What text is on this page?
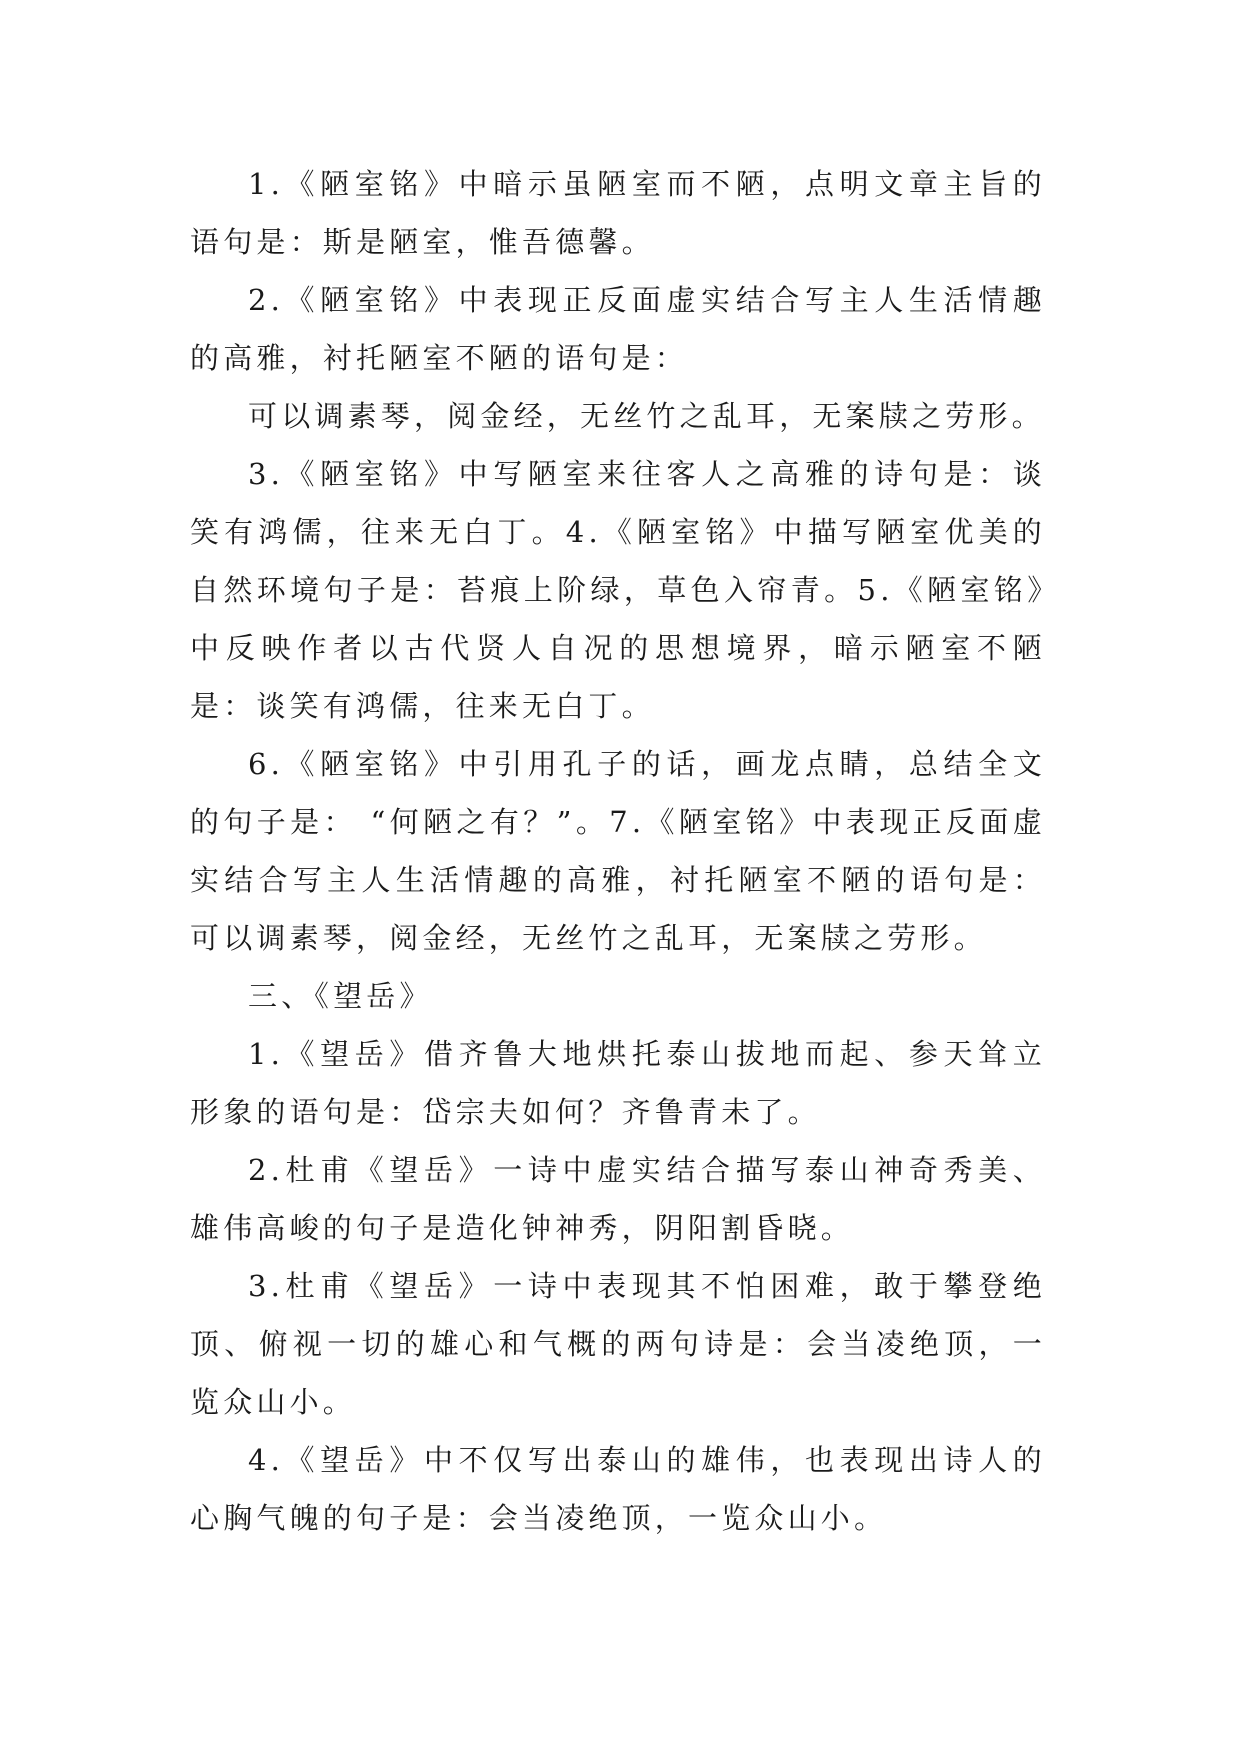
1.《陋室铭》中暗示虽陋室而不陋，点明文章主旨的语句是：斯是陋室，惟吾德馨。

2.《陋室铭》中表现正反面虚实结合写主人生活情趣的高雅，衬托陋室不陋的语句是：

可以调素琴，阅金经，无丝竹之乱耳，无案牍之劳形。

3.《陋室铭》中写陋室来往客人之高雅的诗句是：谈笑有鸿儒，往来无白丁。4.《陋室铭》中描写陋室优美的自然环境句子是：苔痕上阶绿，草色入帘青。5.《陋室铭》中反映作者以古代贤人自况的思想境界，暗示陋室不陋是：谈笑有鸿儒，往来无白丁。

6.《陋室铭》中引用孔子的话，画龙点睛，总结全文的句子是： “何陋之有？”。7.《陋室铭》中表现正反面虚实结合写主人生活情趣的高雅，衬托陋室不陋的语句是： 可以调素琴，阅金经，无丝竹之乱耳，无案牍之劳形。

三、《望岳》

1.《望岳》借齐鲁大地烘托泰山拔地而起、参天耸立形象的语句是：岱宗夫如何？齐鲁青未了。

2.杜甫《望岳》一诗中虚实结合描写泰山神奇秀美、雄伟高峻的句子是造化钟神秀，阴阳割昏晓。

3.杜甫《望岳》一诗中表现其不怕困难，敢于攀登绝顶、俯视一切的雄心和气概的两句诗是：会当凌绝顶，一览众山小。

4.《望岳》中不仅写出泰山的雄伟，也表现出诗人的心胸气魄的句子是：会当凌绝顶，一览众山小。
